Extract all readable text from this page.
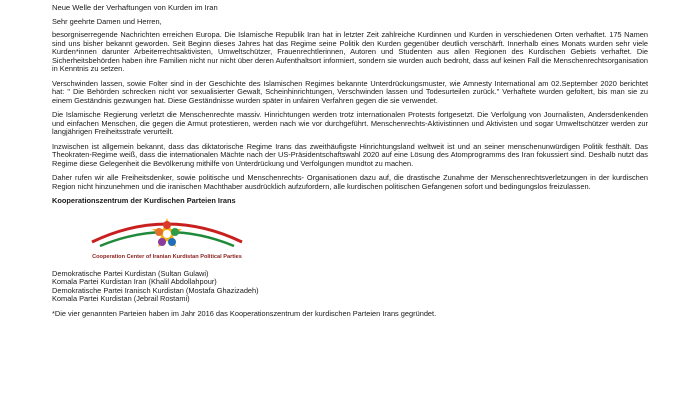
Neue Welle der Verhaftungen von Kurden im Iran

Sehr geehrte Damen und Herren,

besorgniserregende Nachrichten erreichen Europa. Die Islamische Republik Iran hat in letzter Zeit zahlreiche Kurdinnen und Kurden in verschiedenen Orten verhaftet. 175 Namen sind uns bisher bekannt geworden. Seit Beginn dieses Jahres hat das Regime seine Politik den Kurden gegenüber deutlich verschärft. Innerhalb eines Monats wurden sehr viele Kurden*innen darunter Arbeiterrechtsaktivisten, Umweltschützer, Frauenrechtlerinnen, Autoren und Studenten aus allen Regionen des Kurdischen Gebiets verhaftet. Die Sicherheitsbehörden haben ihre Familien nicht nur nicht über deren Aufenthaltsort informiert, sondern sie wurden auch bedroht, dass auf keinen Fall die Menschenrechtsorganisation in Kenntnis zu setzen.

Verschwinden lassen, sowie Folter sind in der Geschichte des Islamischen Regimes bekannte Unterdrückungsmuster, wie Amnesty International am 02.September 2020 berichtet hat: " Die Behörden schrecken nicht vor sexualisierter Gewalt, Scheinhinrichtungen, Verschwinden lassen und Todesurteilen zurück." Verhaftete wurden gefoltert, bis man sie zu einem Geständnis gezwungen hat. Diese Geständnisse wurden später in unfairen Verfahren gegen die sie verwendet.

Die Islamische Regierung verletzt die Menschenrechte massiv. Hinrichtungen werden trotz internationalen Protests fortgesetzt. Die Verfolgung von Journalisten, Andersdenkenden und einfachen Menschen, die gegen die Armut protestieren, werden nach wie vor durchgeführt. Menschenrechts-Aktivistinnen und Aktivisten und sogar Umweltschützer werden zur langjährigen Freiheitsstrafe verurteilt.

Inzwischen ist allgemein bekannt, dass das diktatorische Regime Irans das zweithäufigste Hinrichtungsland weltweit ist und an seiner menschenunwürdigen Politik festhält. Das Theokraten-Regime weiß, dass die internationalen Mächte nach der US-Präsidentschaftswahl 2020 auf eine Lösung des Atomprogramms des Iran fokussiert sind. Deshalb nutzt das Regime diese Gelegenheit die Bevölkerung mithilfe von Unterdrückung und Verfolgungen mundtot zu machen.

Daher rufen wir alle Freiheitsdenker, sowie politische und Menschenrechts- Organisationen dazu auf, die drastische Zunahme der Menschenrechtsverletzungen in der kurdischen Region nicht hinzunehmen und die iranischen Machthaber ausdrücklich aufzufordern, alle kurdischen politischen Gefangenen sofort und bedingungslos freizulassen.

Kooperationszentrum der Kurdischen Parteien Irans

Cooperation Center of Iranian Kurdistan Political Parties

Demokratische Partei Kurdistan (Sultan Gulawi)

Komala Partei Kurdistan Iran (Khalil Abdollahpour)

Demokratische Partei Iranisch Kurdistan (Mostafa Ghazizadeh)

Komala Partei Kurdistan (Jebrail Rostami)

*Die vier genannten Parteien haben im Jahr 2016 das Kooperationszentrum der kurdischen Parteien Irans gegründet.
